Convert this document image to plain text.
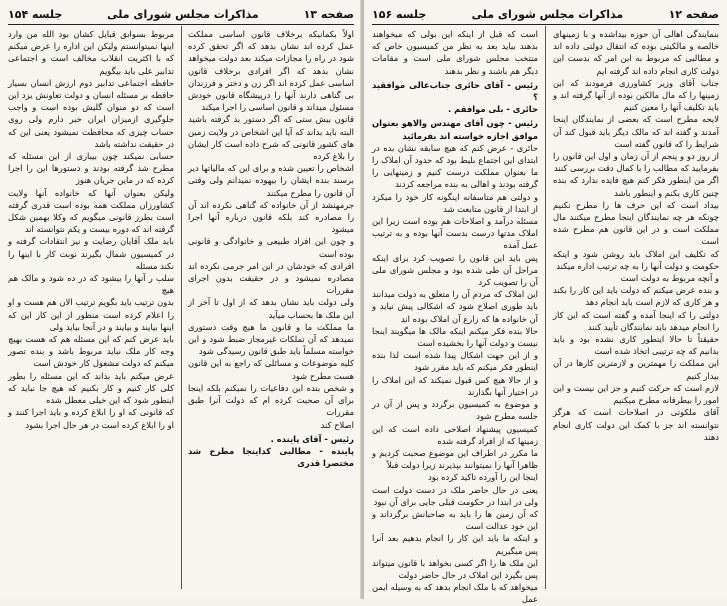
صفحه ۱۳
مذاکرات مجلس شورای ملی
جلسه ۱۵۴

اولاً بکمانیکه برخلاف قانون اساسی مملکت عمل کرده اند نشان بدهد که اگر تحقق کرده شود در راه را مجازات میکند بعد دولت میخواهد نشان بدهد که اگر افرادی برخلاف قانون اساسی عمل کرده اند اگر زن و دختر و فرزندان بی گناهی دارند آنها را درپیشگاه قانون خودش مسئول میداند و قانون اساسی را اجرا میکند

قانون بیش ستی که اگر دستور بد گرفته باشید البته باید بداند که آیا این اشخاص در ولایت زمین های کشور قانونی که شرح داده است کار ایشان را بلاغ کرده

اشخاص را تعیین شده و برای این که مالیاتها دیر برسند بنده ایشان را بیهوده نمیدانم ولی وقتی آن قانون را مطرح میکنند

جرمهنشد از آن خانواده که گناهی نکرده اند آن را مصادره کند بلکه قانون درباره آنها اجرا میشود

و چون این افراد طبیعی و خانوادگی و قانونی بوده است

افرادی که خودشان در این امر جرمی نکرده اند مصادره نمیشود و در حقیقت بدون اجرای مقررات

ولی دولت باید نشان بدهد که از اول تا آخر از این ملک ها بحساب میآید

ما مملکت ما و قانون ما هیچ وقت دستوری نمیدهد که آن تملکات غیرمجاز ضبط شود و این خواسته مسلماً باید طبق قانون رسیدگی شود

کلیه موضوعات و مسائلی که راجع به این قانون هست مطرح شود

و شخص بنده این دفاعیات را نمیکنم بلکه اینجا برای آن صحبت کرده ام که دولت آنرا طبق مقررات

اصلاح کند

رئیس - آقای پاینده .

پاینده - مطالبی کداینجا مطرح شد مختصرا قدری

مربوط بسوابق قبایل کشان بود الله من وارد اینها نمیتوانستم ولیکن این اداره را عرض میکنم که با اکثریت انقلاب مخالف است و اجتماعی تدابیر علی باید بیگویم

حافظه اجتماعی تدابیر دوم ارزش انسان بسیار حافظه بر مسئله انسان و دولت تعاونش یزد این است که دو منوان گلیش بوده است و واجب جلوگیری ازمیزان ایران خبر دارم ولی روی حساب چیزی که محافظت نمیشود یعنی این که در حقیقت نداشته باشد

حسابی نمیکند چون بیباری از این مسئله که مطرح شد گرفته بودند و دستورها این را اجرا کرده که در ماین جریان هنوز

ولیکن بعنوان آنها که خانواده آنها ولایت کشاورزان مملکت همه بوده است قدری گرفته است بطرز قانونی میگویم که وکلا بهمین شکل گرفته اند که دوره بیست و یکم نتوانسته اند

باید ملک آقایان رضایت و نیز انتقادات گرفته و در کمیسیون شمال بگیرند نوبت کار با اینها را نکند مسئله

سلب ر آنها را بیشود که در ده شود و مالک هم هیچ

بدون ترتیب باید بگویم ترتیب الان هم هست و او را اعلام کرده است منظور از این کار این که اینها بیایند و بیایند و در آنجا بیاید ولی

باید عرض کنم که این مسئله هم که هست بهیچ وجه کار ملک نباید مربوط باشد و بنده تصور میکنم که دولت مشغول کار خودش است

عرض میکنم باید بداند که این مسئله را بطور کلی کار کنیم و کار بکنیم که هیچ جا نباید که اینطور شود که این خیلی معطل شده

که قانونی که او را ابلاغ کرده و باید اجرا کنند و او را ابلاغ کرده است در هر حال اجرا بشود

صفحه ۱۲
مذاکرات مجلس شورای ملی
جلسه ۱۵۶

بنمایندگی اهالی آن حوزه بیداشده و با زمینهای خالصه و مالکیتی بوده که انتقال دولتی داده اند و مطالبی که مربوط به این امر که بدست این دولت کاری انجام داده اند گرفته ایم

جناب آقای وزیر کشاورزی فرمودند که این زمینها را که مال مالکین بوده از آنها گرفته اند و باید تکلیف آنها را معین کنیم

لایحه مطرح است که بعضی از نمایندگان اینجا آمدند و گفته اند که مالک دیگر باید قبول کند آن شرایط را که قانون گفته است

از روز دو و پنجم از آن زمان و اول این قانون را بفرمایید که مطالب را با کمال دقت بررسی کنند

اگر من اینطور فکر کنم هیچ فایده ندارد که بنده چنین کاری بکنم و اینطور باشد

بیداد است که این حرف ها را مطرح نکنیم چونکه هر چه نمایندگان اینجا مطرح میکنند مال مملکت است و در این قانون هم مطرح شده است

که تکلیف این املاک باید روشن شود و اینکه حکومت و دولت آنها را به چه ترتیب اداره میکند

و آنچه مربوط به دولت است

و بنده عرض میکنم که دولت باید این کار را بکند و هر کاری که لازم است باید انجام دهد

دولتی را که اینجا آمده و گفته است که این کار را انجام میدهد باید نمایندگان تأیید کنند

حقیقتاً تا حالا اینطور کاری نشده بود و باید بدانیم که چه ترتیبی اتخاذ شده است

این مملکت را مهمترین و لازمترین کارها در آن بیدار کنیم

لازم است که حرکت کنیم و جز این نیست و این امور را بیطرفانه مطرح میکنیم

آقای ملکوتی در اصلاحات است که هرگز نتوانسته اند جز با کمک این دولت کاری انجام دهند

است که قبل از اینکه این بولی که میخواهند بدهند بیاید بعد به نظر من کمیسیون خاص که منتخب مجلس شورای ملی است و مقامات دیگر هم باشند و نظر بدهند

رئیس - آقای حائری جناب‌عالی موافقید ؟

حائری - بلی موافقم .

رئیس - چون آقای مهندس والاهو بعنوان موافق اجازه خواسته اند بفرمائید

حائری - عرض کنم که هیچ سابقه نشان بده در ابتدای این اجتماع بلیط بود که حدود آن املاک را ما بعنوان مملکت درست کنیم و زمینهایی را گرفته بودند و اهالی به بنده مراجعه کردند

و دولتی هم متاسفانه اینگونه کار خود را میکرد از ابتدا از قانون متابعت شد

مسئله درآمد و اصلاحات هم بوده است زیرا این املاک مدتها درست بدست آنها بوده و به ترتیب عمل آمده

پس باید این قانون را تصویب کرد برای اینکه مراحل آن طی شده بود و مجلس شورای ملی آن را تصویب کرد

این املاک که مردم آن را متعلق به دولت میدانند باید طوری اصلاح شود که اشکالی پیش نیاید و آن خانواده ها که زارع آن املاک بوده اند

حالا بنده فکر میکنم اینکه مالک ها میگویند اینجا نیست و دولت آنها را بخشیده است

و از این جهت اشکال پیدا شده است لذا بنده اینطور فکر میکنم که باید مقرر شود

و از حالا هیچ کس قبول نمیکند که این املاک را در اختیار آنها بگذارند

و موضوع به کمیسیون برگردد و پس از آن در جلسه مطرح شود

کمیسیون پیشنهاد اصلاحی داده است که این زمینها که از افراد گرفته شده

ما مکرر در اطراف این موضوع صحبت کردیم و ظاهرا آنها را نمیتوانند بپذیرند زیرا دولت قبلاً

اینجا این را آورده تاکید کرده بود

یعنی در حال حاضر ملک در دست دولت است ولی در ابتدا در حکومت قبلی جایی برای آن نبود

که آن زمین ها را باید به صاحبانش برگرداند و این خود عدالت است

و اینکه ما باید این کار را انجام بدهیم بعد آنرا پس میگیریم

این ملک ها را اگر کسی بخواهد با قانون میتواند پس بگیرد این املاک در حال حاضر دولت

میخواهد که با ملک انجام بدهد که به وسیله ایمن عمل
